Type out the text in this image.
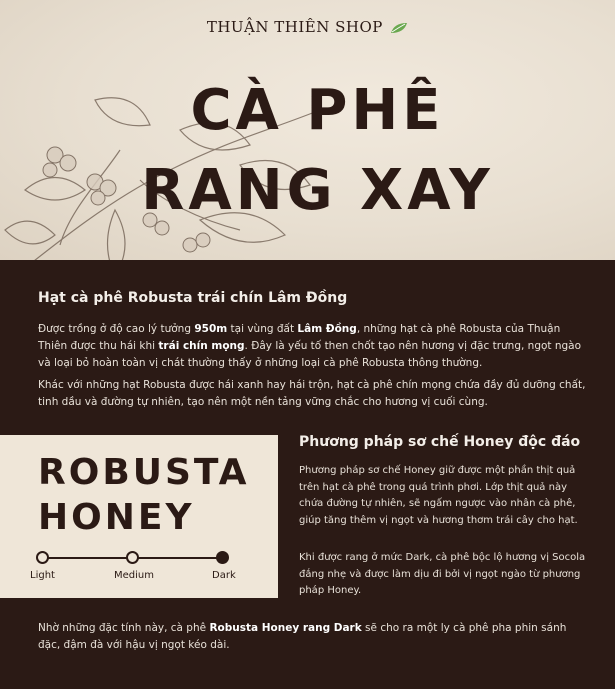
THUẬN THIÊN SHOP
CÀ PHÊ
RANG XAY
Hạt cà phê Robusta trái chín Lâm Đồng

Được trồng ở độ cao lý tưởng 950m tại vùng đất Lâm Đồng, những hạt cà phê Robusta của Thuận Thiên được thu hái khi trái chín mọng. Đây là yếu tố then chốt tạo nên hương vị đặc trưng, ngọt ngào và loại bỏ hoàn toàn vị chát thường thấy ở những loại cà phê Robusta thông thường.

Khác với những hạt Robusta được hái xanh hay hái trộn, hạt cà phê chín mọng chứa đầy đủ dưỡng chất, tinh dầu và đường tự nhiên, tạo nên một nền tảng vững chắc cho hương vị cuối cùng.

ROBUSTA
HONEY
Light	Medium	Dark
Phương pháp sơ chế Honey độc đáo

Phương pháp sơ chế Honey giữ được một phần thịt quả trên hạt cà phê trong quá trình phơi. Lớp thịt quả này chứa đường tự nhiên, sẽ ngấm ngược vào nhân cà phê, giúp tăng thêm vị ngọt và hương thơm trái cây cho hạt.

Khi được rang ở mức Dark, cà phê bộc lộ hương vị Socola đắng nhẹ và được làm dịu đi bởi vị ngọt ngào từ phương pháp Honey.

Nhờ những đặc tính này, cà phê Robusta Honey rang Dark sẽ cho ra một ly cà phê pha phin sánh đặc, đậm đà với hậu vị ngọt kéo dài.
